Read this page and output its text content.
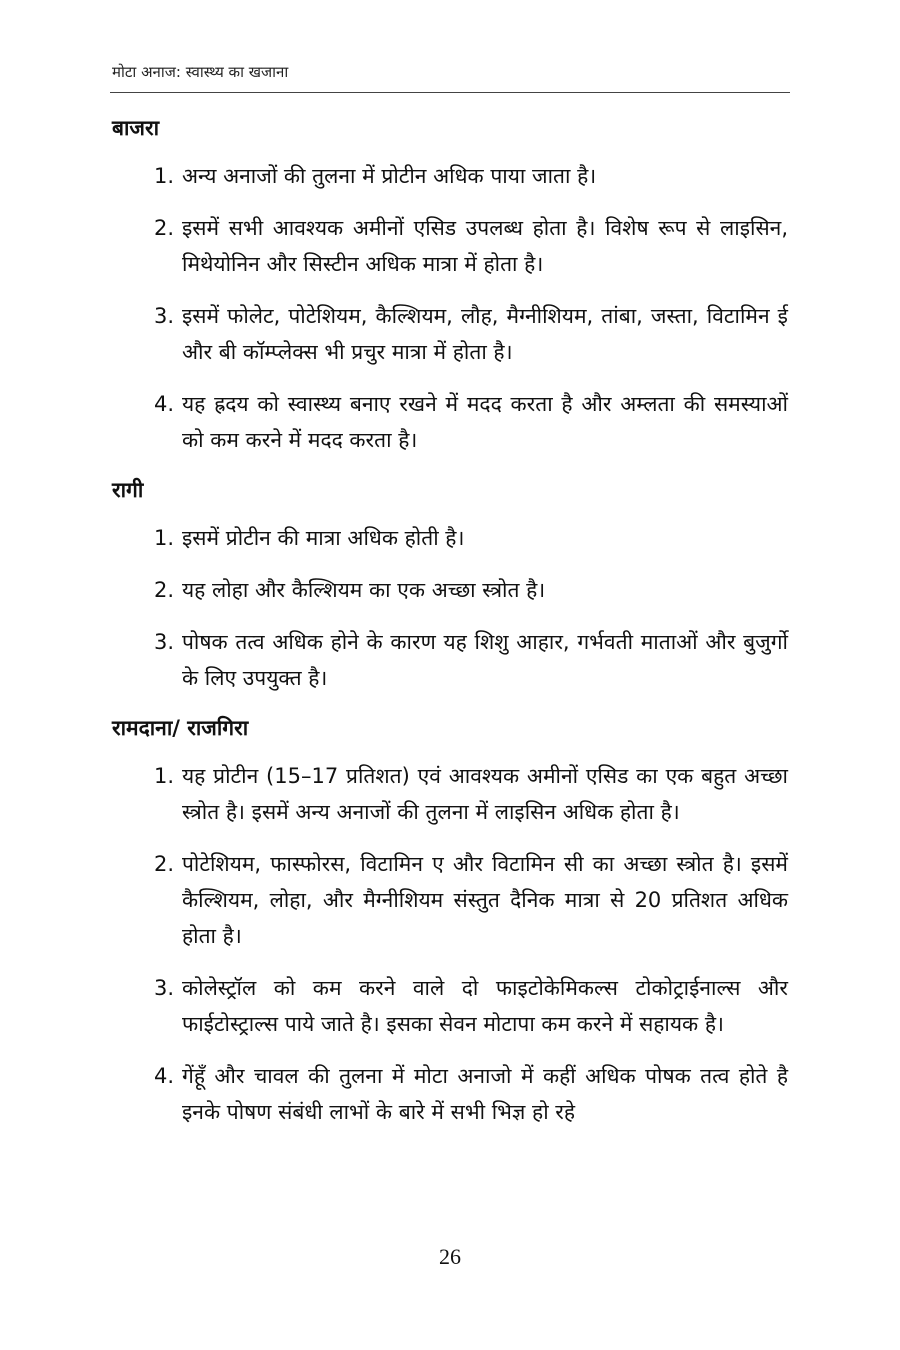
मोटा अनाज: स्वास्थ्य का खजाना
बाजरा
1. अन्य अनाजों की तुलना में प्रोटीन अधिक पाया जाता है।
2. इसमें सभी आवश्यक अमीनों एसिड उपलब्ध होता है। विशेष रूप से लाइसिन, मिथेयोनिन और सिस्टीन अधिक मात्रा में होता है।
3. इसमें फोलेट, पोटेशियम, कैल्शियम, लौह, मैग्नीशियम, तांबा, जस्ता, विटामिन ई और बी कॉम्प्लेक्स भी प्रचुर मात्रा में होता है।
4. यह ह्रदय को स्वास्थ्य बनाए रखने में मदद करता है और अम्लता की समस्याओं को कम करने में मदद करता है।
रागी
1. इसमें प्रोटीन की मात्रा अधिक होती है।
2. यह लोहा और कैल्शियम का एक अच्छा स्त्रोत है।
3. पोषक तत्व अधिक होने के कारण यह शिशु आहार, गर्भवती माताओं और बुजुर्गो के लिए उपयुक्त है।
रामदाना/ राजगिरा
1. यह प्रोटीन (15–17 प्रतिशत) एवं आवश्यक अमीनों एसिड का एक बहुत अच्छा स्त्रोत है। इसमें अन्य अनाजों की तुलना में लाइसिन अधिक होता है।
2. पोटेशियम, फास्फोरस, विटामिन ए और विटामिन सी का अच्छा स्त्रोत है। इसमें कैल्शियम, लोहा, और मैग्नीशियम संस्तुत दैनिक मात्रा से 20 प्रतिशत अधिक होता है।
3. कोलेस्ट्रॉल को कम करने वाले दो फाइटोकेमिकल्स टोकोट्राईनाल्स और फाईटोस्ट्राल्स पाये जाते है। इसका सेवन मोटापा कम करने में सहायक है।
4. गेंहूँ और चावल की तुलना में मोटा अनाजो में कहीं अधिक पोषक तत्व होते है इनके पोषण संबंधी लाभों के बारे में सभी भिज्ञ हो रहे
26
